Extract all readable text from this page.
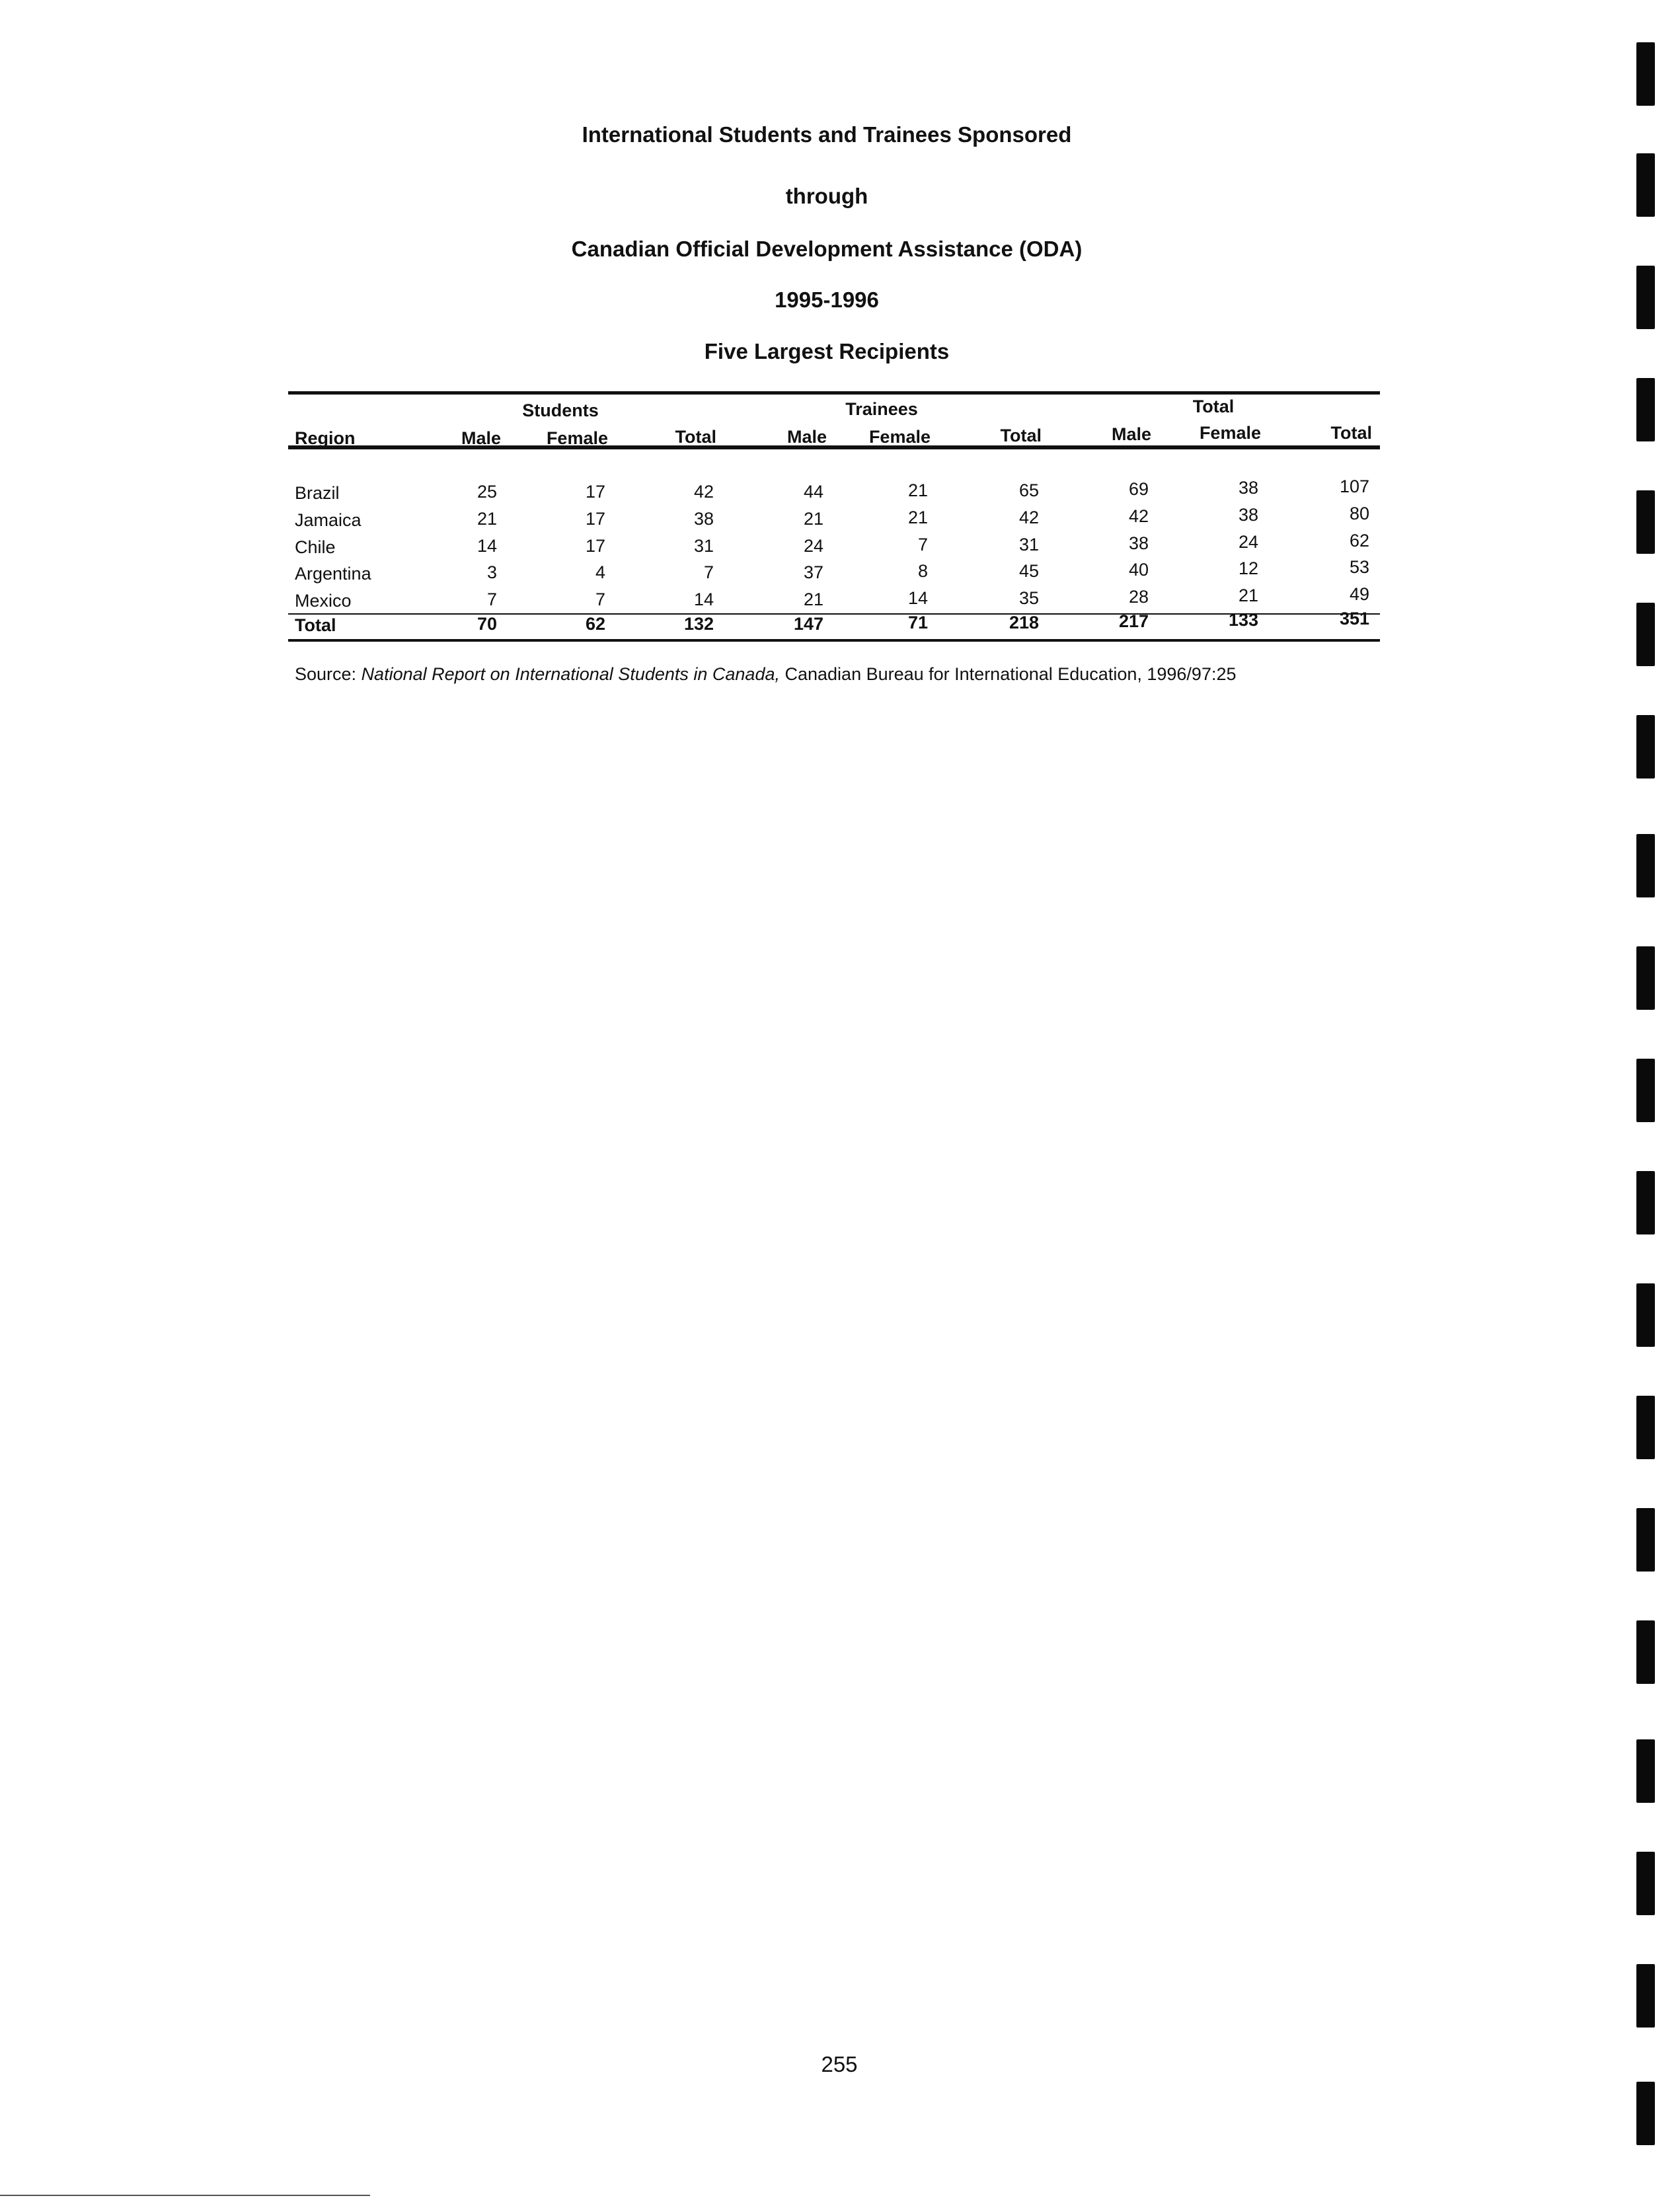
International Students and Trainees Sponsored
through
Canadian Official Development Assistance (ODA)
1995-1996
Five Largest Recipients
Students	Trainees	Total
Region	Male	Female	Total	Male	Female	Total	Male	Female	Total
Brazil	25	17	42	44	21	65	69	38	107
Jamaica	21	17	38	21	21	42	42	38	80
Chile	14	17	31	24	7	31	38	24	62
Argentina	3	4	7	37	8	45	40	12	53
Mexico	7	7	14	21	14	35	28	21	49
Total	70	62	132	147	71	218	217	133	351
Source: National Report on International Students in Canada, Canadian Bureau for International Education, 1996/97:25
255
